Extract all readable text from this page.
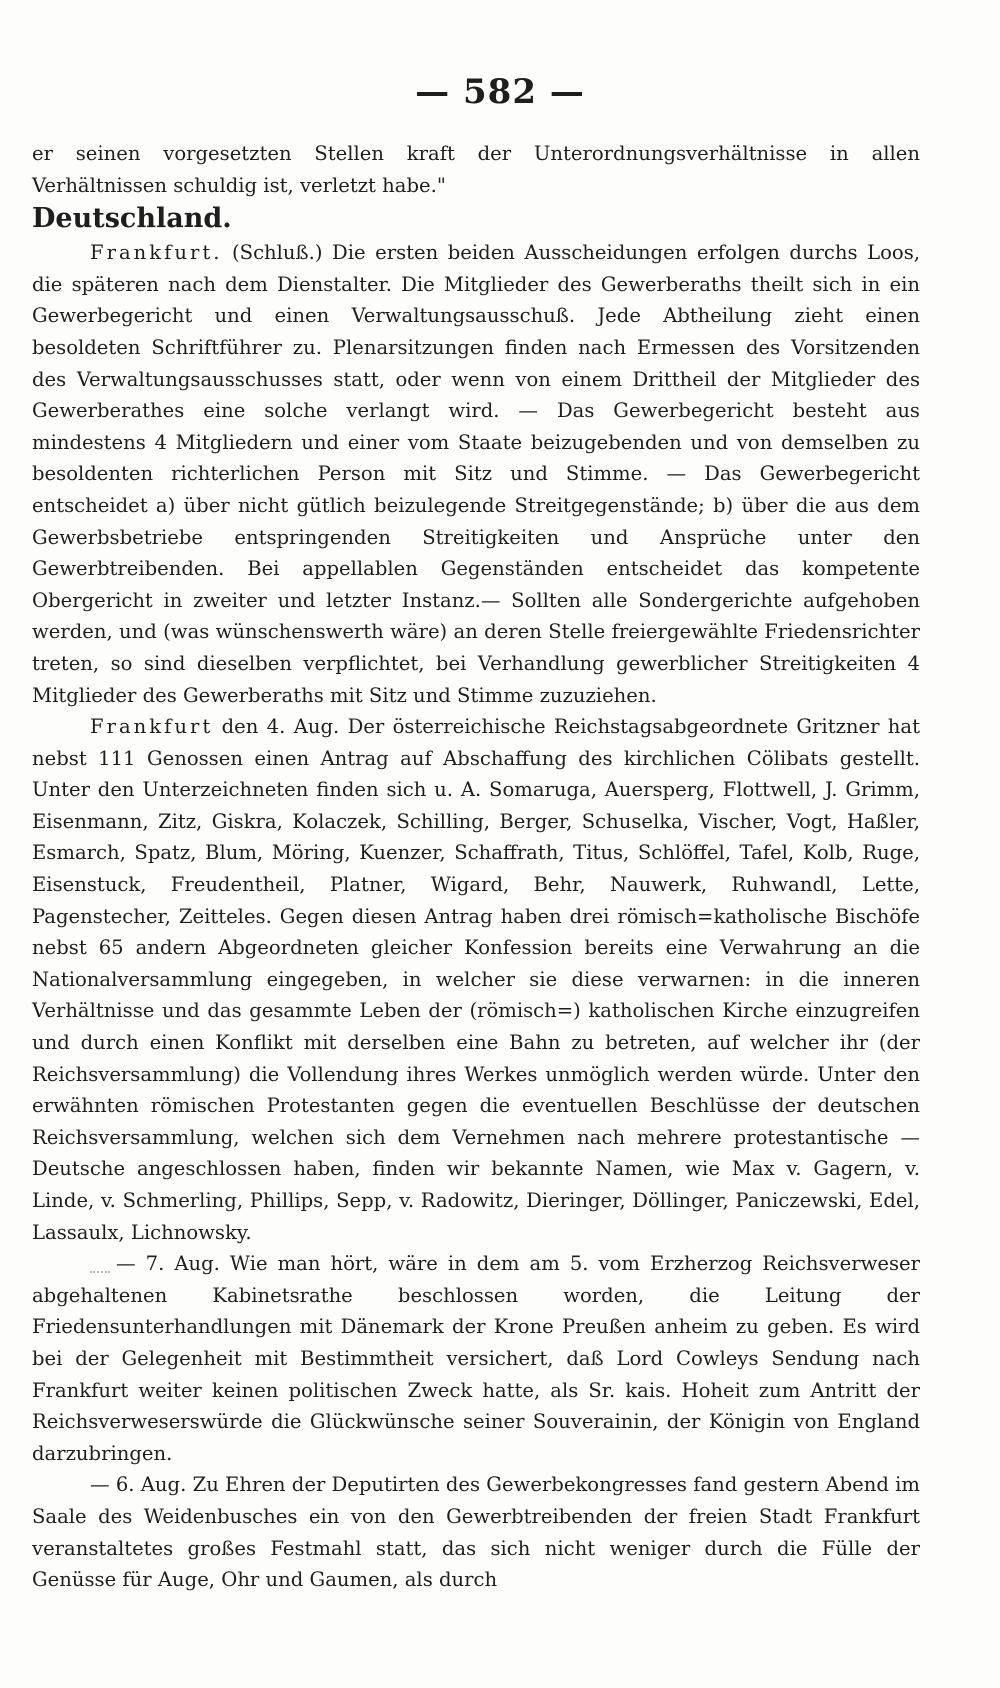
— 582 —

er seinen vorgesetzten Stellen kraft der Unterordnungsverhältnisse in allen Verhältnissen schuldig ist, verletzt habe."

Deutschland.

Frankfurt. (Schluß.) Die ersten beiden Ausscheidungen erfolgen durchs Loos, die späteren nach dem Dienstalter. Die Mitglieder des Gewerberaths theilt sich in ein Gewerbegericht und einen Verwaltungsausschuß. Jede Abtheilung zieht einen besoldeten Schriftführer zu. Plenarsitzungen finden nach Ermessen des Vorsitzenden des Verwaltungsausschusses statt, oder wenn von einem Drittheil der Mitglieder des Gewerberathes eine solche verlangt wird. — Das Gewerbegericht besteht aus mindestens 4 Mitgliedern und einer vom Staate beizugebenden und von demselben zu besoldenten richterlichen Person mit Sitz und Stimme. — Das Gewerbegericht entscheidet a) über nicht gütlich beizulegende Streitgegenstände; b) über die aus dem Gewerbsbetriebe entspringenden Streitigkeiten und Ansprüche unter den Gewerbtreibenden. Bei appellablen Gegenständen entscheidet das kompetente Obergericht in zweiter und letzter Instanz.— Sollten alle Sondergerichte aufgehoben werden, und (was wünschenswerth wäre) an deren Stelle freiergewählte Friedensrichter treten, so sind dieselben verpflichtet, bei Verhandlung gewerblicher Streitigkeiten 4 Mitglieder des Gewerberaths mit Sitz und Stimme zuzuziehen.

Frankfurt den 4. Aug. Der österreichische Reichstagsabgeordnete Gritzner hat nebst 111 Genossen einen Antrag auf Abschaffung des kirchlichen Cölibats gestellt. Unter den Unterzeichneten finden sich u. A. Somaruga, Auersperg, Flottwell, J. Grimm, Eisenmann, Zitz, Giskra, Kolaczek, Schilling, Berger, Schuselka, Vischer, Vogt, Haßler, Esmarch, Spatz, Blum, Möring, Kuenzer, Schaffrath, Titus, Schlöffel, Tafel, Kolb, Ruge, Eisenstuck, Freudentheil, Platner, Wigard, Behr, Nauwerk, Ruhwandl, Lette, Pagenstecher, Zeitteles. Gegen diesen Antrag haben drei römisch=katholische Bischöfe nebst 65 andern Abgeordneten gleicher Konfession bereits eine Verwahrung an die Nationalversammlung eingegeben, in welcher sie diese verwarnen: in die inneren Verhältnisse und das gesammte Leben der (römisch=) katholischen Kirche einzugreifen und durch einen Konflikt mit derselben eine Bahn zu betreten, auf welcher ihr (der Reichsversammlung) die Vollendung ihres Werkes unmöglich werden würde. Unter den erwähnten römischen Protestanten gegen die eventuellen Beschlüsse der deutschen Reichsversammlung, welchen sich dem Vernehmen nach mehrere protestantische — Deutsche angeschlossen haben, finden wir bekannte Namen, wie Max v. Gagern, v. Linde, v. Schmerling, Phillips, Sepp, v. Radowitz, Dieringer, Döllinger, Paniczewski, Edel, Lassaulx, Lichnowsky.

— 7. Aug. Wie man hört, wäre in dem am 5. vom Erzherzog Reichsverweser abgehaltenen Kabinetsrathe beschlossen worden, die Leitung der Friedensunterhandlungen mit Dänemark der Krone Preußen anheim zu geben. Es wird bei der Gelegenheit mit Bestimmtheit versichert, daß Lord Cowleys Sendung nach Frankfurt weiter keinen politischen Zweck hatte, als Sr. kais. Hoheit zum Antritt der Reichsverweserswürde die Glückwünsche seiner Souverainin, der Königin von England darzubringen.

— 6. Aug. Zu Ehren der Deputirten des Gewerbekongresses fand gestern Abend im Saale des Weidenbusches ein von den Gewerbtreibenden der freien Stadt Frankfurt veranstaltetes großes Festmahl statt, das sich nicht weniger durch die Fülle der Genüsse für Auge, Ohr und Gaumen, als durch
